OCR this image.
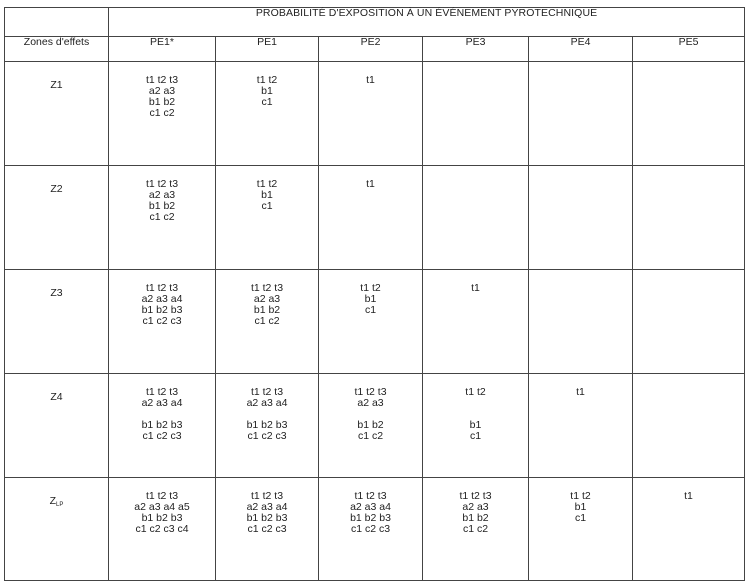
	PROBABILITÉ D'EXPOSITION À UN ÉVÉNEMENT PYROTECHNIQUE					
Zones d'effets	PE1*	PE1	PE2	PE3	PE4	PE5
Z1	t1 t2 t3
a2 a3
b1 b2
c1 c2	t1 t2
b1
c1	t1			

Z2	t1 t2 t3
a2 a3
b1 b2
c1 c2	t1 t2
b1
c1	t1			

Z3	t1 t2 t3
a2 a3 a4
b1 b2 b3
c1 c2 c3	t1 t2 t3
a2 a3
b1 b2
c1 c2	t1 t2
b1
c1	t1		

Z4	t1 t2 t3
a2 a3 a4
b1 b2 b3
c1 c2 c3	t1 t2 t3
a2 a3 a4
b1 b2 b3
c1 c2 c3	t1 t2 t3
a2 a3
b1 b2
c1 c2	t1 t2
b1
c1	t1	

$Z_{LP}$	t1 t2 t3
a2 a3 a4 a5
b1 b2 b3
c1 c2 c3 c4	t1 t2 t3
a2 a3 a4
b1 b2 b3
c1 c2 c3	t1 t2 t3
a2 a3 a4
b1 b2 b3
c1 c2 c3	t1 t2 t3
a2 a3
b1 b2
c1 c2	t1 t2
b1
c1	t1
